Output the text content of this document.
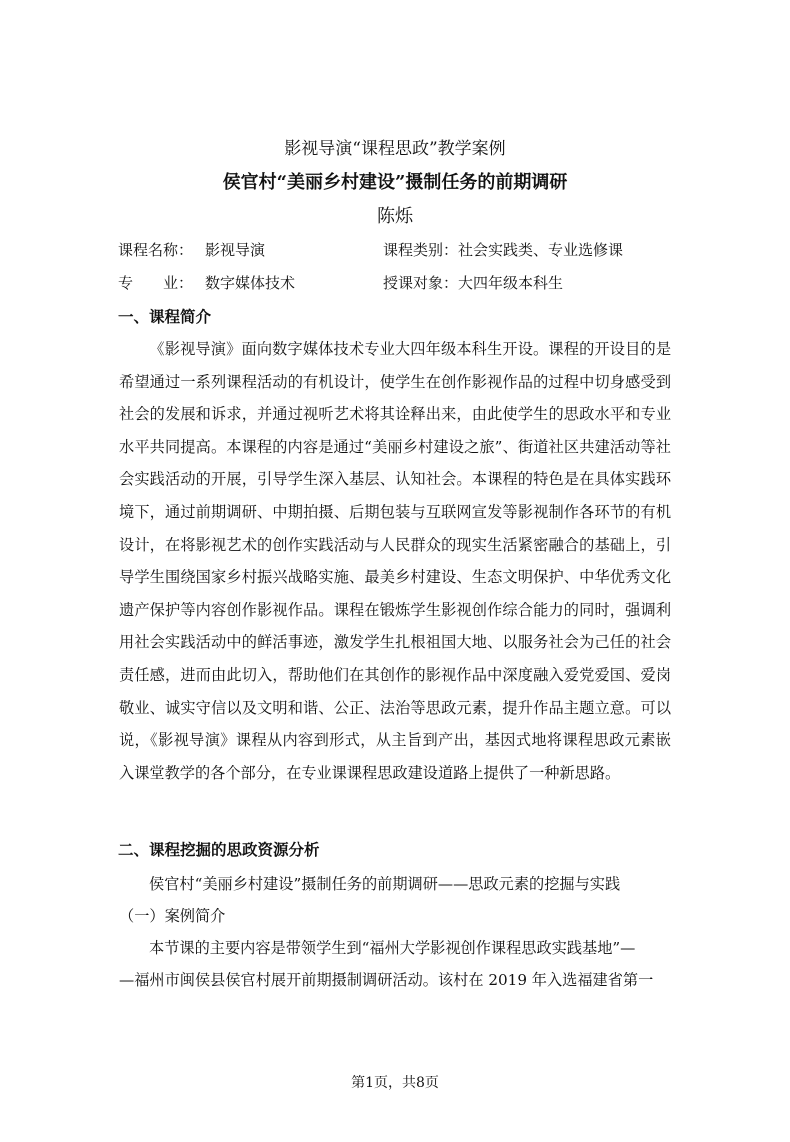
影视导演“课程思政”教学案例
侯官村“美丽乡村建设”摄制任务的前期调研
陈烁
课程名称： 影视导演	课程类别：社会实践类、专业选修课
专　　业： 数字媒体技术	授课对象：大四年级本科生
一、课程简介

《影视导演》面向数字媒体技术专业大四年级本科生开设。课程的开设目的是希望通过一系列课程活动的有机设计，使学生在创作影视作品的过程中切身感受到社会的发展和诉求，并通过视听艺术将其诠释出来，由此使学生的思政水平和专业水平共同提高。本课程的内容是通过“美丽乡村建设之旅”、街道社区共建活动等社会实践活动的开展，引导学生深入基层、认知社会。本课程的特色是在具体实践环境下，通过前期调研、中期拍摄、后期包装与互联网宣发等影视制作各环节的有机设计，在将影视艺术的创作实践活动与人民群众的现实生活紧密融合的基础上，引导学生围绕国家乡村振兴战略实施、最美乡村建设、生态文明保护、中华优秀文化遗产保护等内容创作影视作品。课程在锻炼学生影视创作综合能力的同时，强调利用社会实践活动中的鲜活事迹，激发学生扎根祖国大地、以服务社会为己任的社会责任感，进而由此切入，帮助他们在其创作的影视作品中深度融入爱党爱国、爱岗敬业、诚实守信以及文明和谐、公正、法治等思政元素，提升作品主题立意。可以说，《影视导演》课程从内容到形式，从主旨到产出，基因式地将课程思政元素嵌入课堂教学的各个部分，在专业课课程思政建设道路上提供了一种新思路。

二、课程挖掘的思政资源分析
侯官村“美丽乡村建设”摄制任务的前期调研——思政元素的挖掘与实践
（一）案例简介
本节课的主要内容是带领学生到“福州大学影视创作课程思政实践基地”—
—福州市闽侯县侯官村展开前期摄制调研活动。该村在 2019 年入选福建省第一
第1页，共8页
